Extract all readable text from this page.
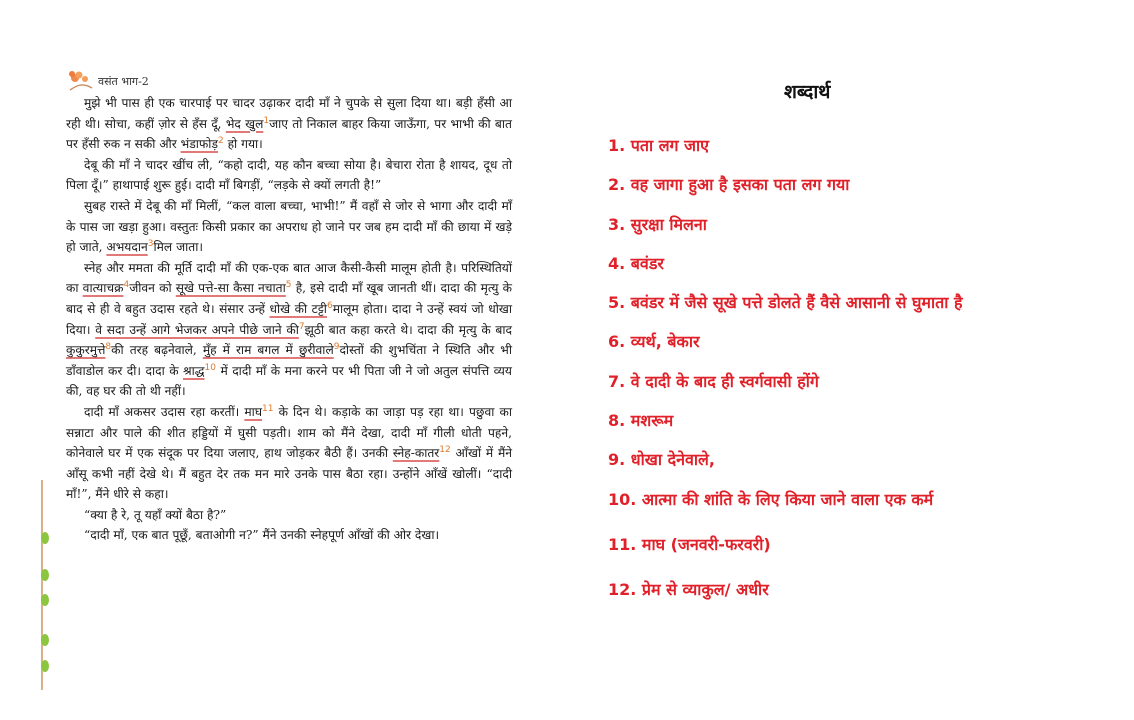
वसंत भाग-2

मुझे भी पास ही एक चारपाई पर चादर उढ़ाकर दादी माँ ने चुपके से सुला दिया था। बड़ी हँसी आ रही थी। सोचा, कहीं ज़ोर से हँस दूँ, भेद खुल$^1$जाए तो निकाल बाहर किया जाऊँगा, पर भाभी की बात पर हँसी रुक न सकी और भंडाफोड़$^2$ हो गया।

देबू की माँ ने चादर खींच ली, “कहो दादी, यह कौन बच्चा सोया है। बेचारा रोता है शायद, दूध तो पिला दूँ।” हाथापाई शुरू हुई। दादी माँ बिगड़ीं, “लड़के से क्यों लगती है!”

सुबह रास्ते में देबू की माँ मिलीं, “कल वाला बच्चा, भाभी!” मैं वहाँ से जोर से भागा और दादी माँ के पास जा खड़ा हुआ। वस्तुतः किसी प्रकार का अपराध हो जाने पर जब हम दादी माँ की छाया में खड़े हो जाते, अभयदान$^3$मिल जाता।

स्नेह और ममता की मूर्ति दादी माँ की एक-एक बात आज कैसी-कैसी मालूम होती है। परिस्थितियों का वात्याचक्र$^4$जीवन को सूखे पत्ते-सा कैसा नचाता$^5$ है, इसे दादी माँ खूब जानती थीं। दादा की मृत्यु के बाद से ही वे बहुत उदास रहते थे। संसार उन्हें धोखे की टट्टी$^6$मालूम होता। दादा ने उन्हें स्वयं जो धोखा दिया। वे सदा उन्हें आगे भेजकर अपने पीछे जाने की$^7$झूठी बात कहा करते थे। दादा की मृत्यु के बाद कुकुरमुत्ते$^8$की तरह बढ़नेवाले, मुँह में राम बगल में छुरीवाले$^9$दोस्तों की शुभचिंता ने स्थिति और भी डाँवाडोल कर दी। दादा के श्राद्ध$^{10}$ में दादी माँ के मना करने पर भी पिता जी ने जो अतुल संपत्ति व्यय की, वह घर की तो थी नहीं।

दादी माँ अकसर उदास रहा करतीं। माघ$^{11}$ के दिन थे। कड़ाके का जाड़ा पड़ रहा था। पछुवा का सन्नाटा और पाले की शीत हड्डियों में घुसी पड़ती। शाम को मैंने देखा, दादी माँ गीली धोती पहने, कोनेवाले घर में एक संदूक पर दिया जलाए, हाथ जोड़कर बैठी हैं। उनकी स्नेह-कातर$^{12}$ आँखों में मैंने आँसू कभी नहीं देखे थे। मैं बहुत देर तक मन मारे उनके पास बैठा रहा। उन्होंने आँखें खोलीं। “दादी माँ!”, मैंने धीरे से कहा।

“क्या है रे, तू यहाँ क्यों बैठा है?”

“दादी माँ, एक बात पूछूँ, बताओगी न?” मैंने उनकी स्नेहपूर्ण आँखों की ओर देखा।

शब्दार्थ
1. पता लग जाए
2. वह जागा हुआ है इसका पता लग गया
3. सुरक्षा मिलना
4. बवंडर
5. बवंडर में जैसे सूखे पत्ते डोलते हैं वैसे आसानी से घुमाता है
6. व्यर्थ, बेकार
7. वे दादी के बाद ही स्वर्गवासी होंगे
8. मशरूम
9. धोखा देनेवाले,
10. आत्मा की शांति के लिए किया जाने वाला एक कर्म
11. माघ (जनवरी-फरवरी)
12. प्रेम से व्याकुल/ अधीर
